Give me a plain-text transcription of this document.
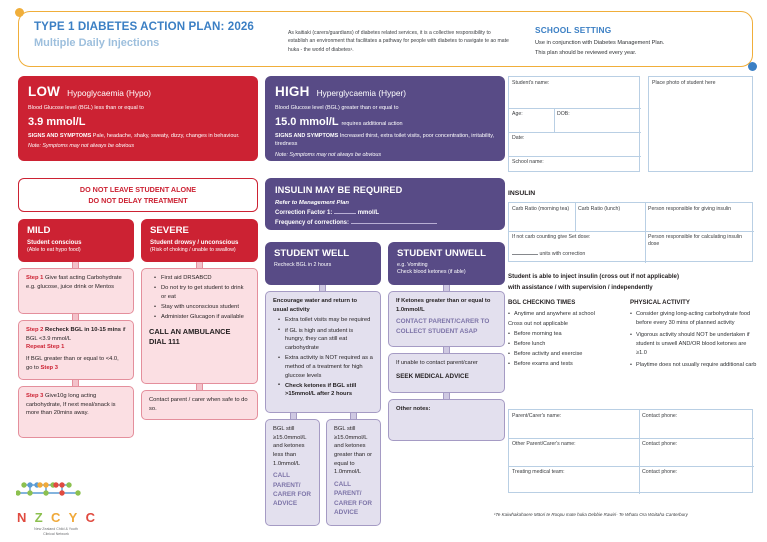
TYPE 1 DIABETES ACTION PLAN: 2026
Multiple Daily Injections
As kaitiaki (carers/guardians) of diabetes related services, it is a collective responsibility to establish an environment that facilitates a pathway for people with diabetes to navigate te ao mate huka - the world of diabetes¹.
SCHOOL SETTING
Use in conjunction with Diabetes Management Plan.
This plan should be reviewed every year.
LOW Hypoglycaemia (Hypo)
Blood Glucose level (BGL) less than or equal to
3.9 mmol/L
SIGNS AND SYMPTOMS Pale, headache, shaky, sweaty, dizzy, changes in behaviour.
Note: Symptoms may not always be obvious
HIGH Hyperglycaemia (Hyper)
Blood Glucose level (BGL) greater than or equal to
15.0 mmol/L requires additional action
SIGNS AND SYMPTOMS Increased thirst, extra toilet visits, poor concentration, irritability, tiredness
Note: Symptoms may not always be obvious
DO NOT LEAVE STUDENT ALONE
DO NOT DELAY TREATMENT
INSULIN MAY BE REQUIRED
Refer to Management Plan
Correction Factor 1:	mmol/L
Frequency of corrections:
MILD
Student conscious
(Able to eat hypo food)
Step 1 Give fast acting Carbohydrate e.g. glucose, juice drink or Mentos
Step 2 Recheck BGL in 10-15 mins if BGL <3.9 mmol/L
Repeat Step 1
If BGL greater than or equal to <4.0, go to Step 3
Step 3 Give10g long acting carbohydrate, If next meal/snack is more than 20mins away.
SEVERE
Student drowsy / unconscious
(Risk of choking / unable to swallow)
• First aid DRSABCD
• Do not try to get student to drink or eat
• Stay with unconscious student
• Administer Glucagon if available
CALL AN AMBULANCE
DIAL 111
Contact parent / carer when safe to do so.
STUDENT WELL
Recheck BGL in 2 hours
Encourage water and return to usual activity
• Extra toilet visits may be required
• if GL is high and student is hungry, they can still eat carbohydrate
• Extra activity is NOT required as a method of a treatment for high glucose levels
• Check ketones if BGL still >15mmol/L after 2 hours
BGL still ≥15.0mmol/L and ketones less than 1.0mmol/L
CALL PARENT/ CARER FOR ADVICE
BGL still ≥15.0mmol/L and ketones greater than or equal to 1.0mmol/L
CALL PARENT/ CARER FOR ADVICE
STUDENT UNWELL
e.g. Vomiting
Check blood ketones (if able)
If Ketones greater than or equal to 1.0mmol/L
CONTACT PARENT/CARER TO COLLECT STUDENT ASAP
If unable to contact parent/carer
SEEK MEDICAL ADVICE
Other notes:
Student's name:
Age:	DOB:
Date:
School name:
Place photo of student here
INSULIN
Carb Ratio (morning tea)	Carb Ratio (lunch)	Person responsible for giving insulin
If not carb counting give Set dose:
units with correction
Person responsible for calculating insulin dose
Student is able to inject insulin (cross out if not applicable)
with assistance / with supervision / independently
BGL CHECKING TIMES
• Anytime and anywhere at school
Cross out not applicable
• Before morning tea
• Before lunch
• Before activity and exercise
• Before exams and tests
PHYSICAL ACTIVITY
• Consider giving long-acting carbohydrate food before every 30 mins of planned activity
• Vigorous activity should NOT be undertaken if student is unwell AND/OR blood ketones are ≥1.0
• Playtime does not usually require additional carb
Parent/Carer's name:	Contact phone:
Other Parent/Carer's name:	Contact phone:
Treating medical team:	Contact phone:
¹Te Kaiwhakahaere Māori te Roopu mate huka Debbie Rawiri- Te Whatu Ora Waitaha Canterbury
N Z C Y C
New Zealand Child & Youth
Clinical Network
